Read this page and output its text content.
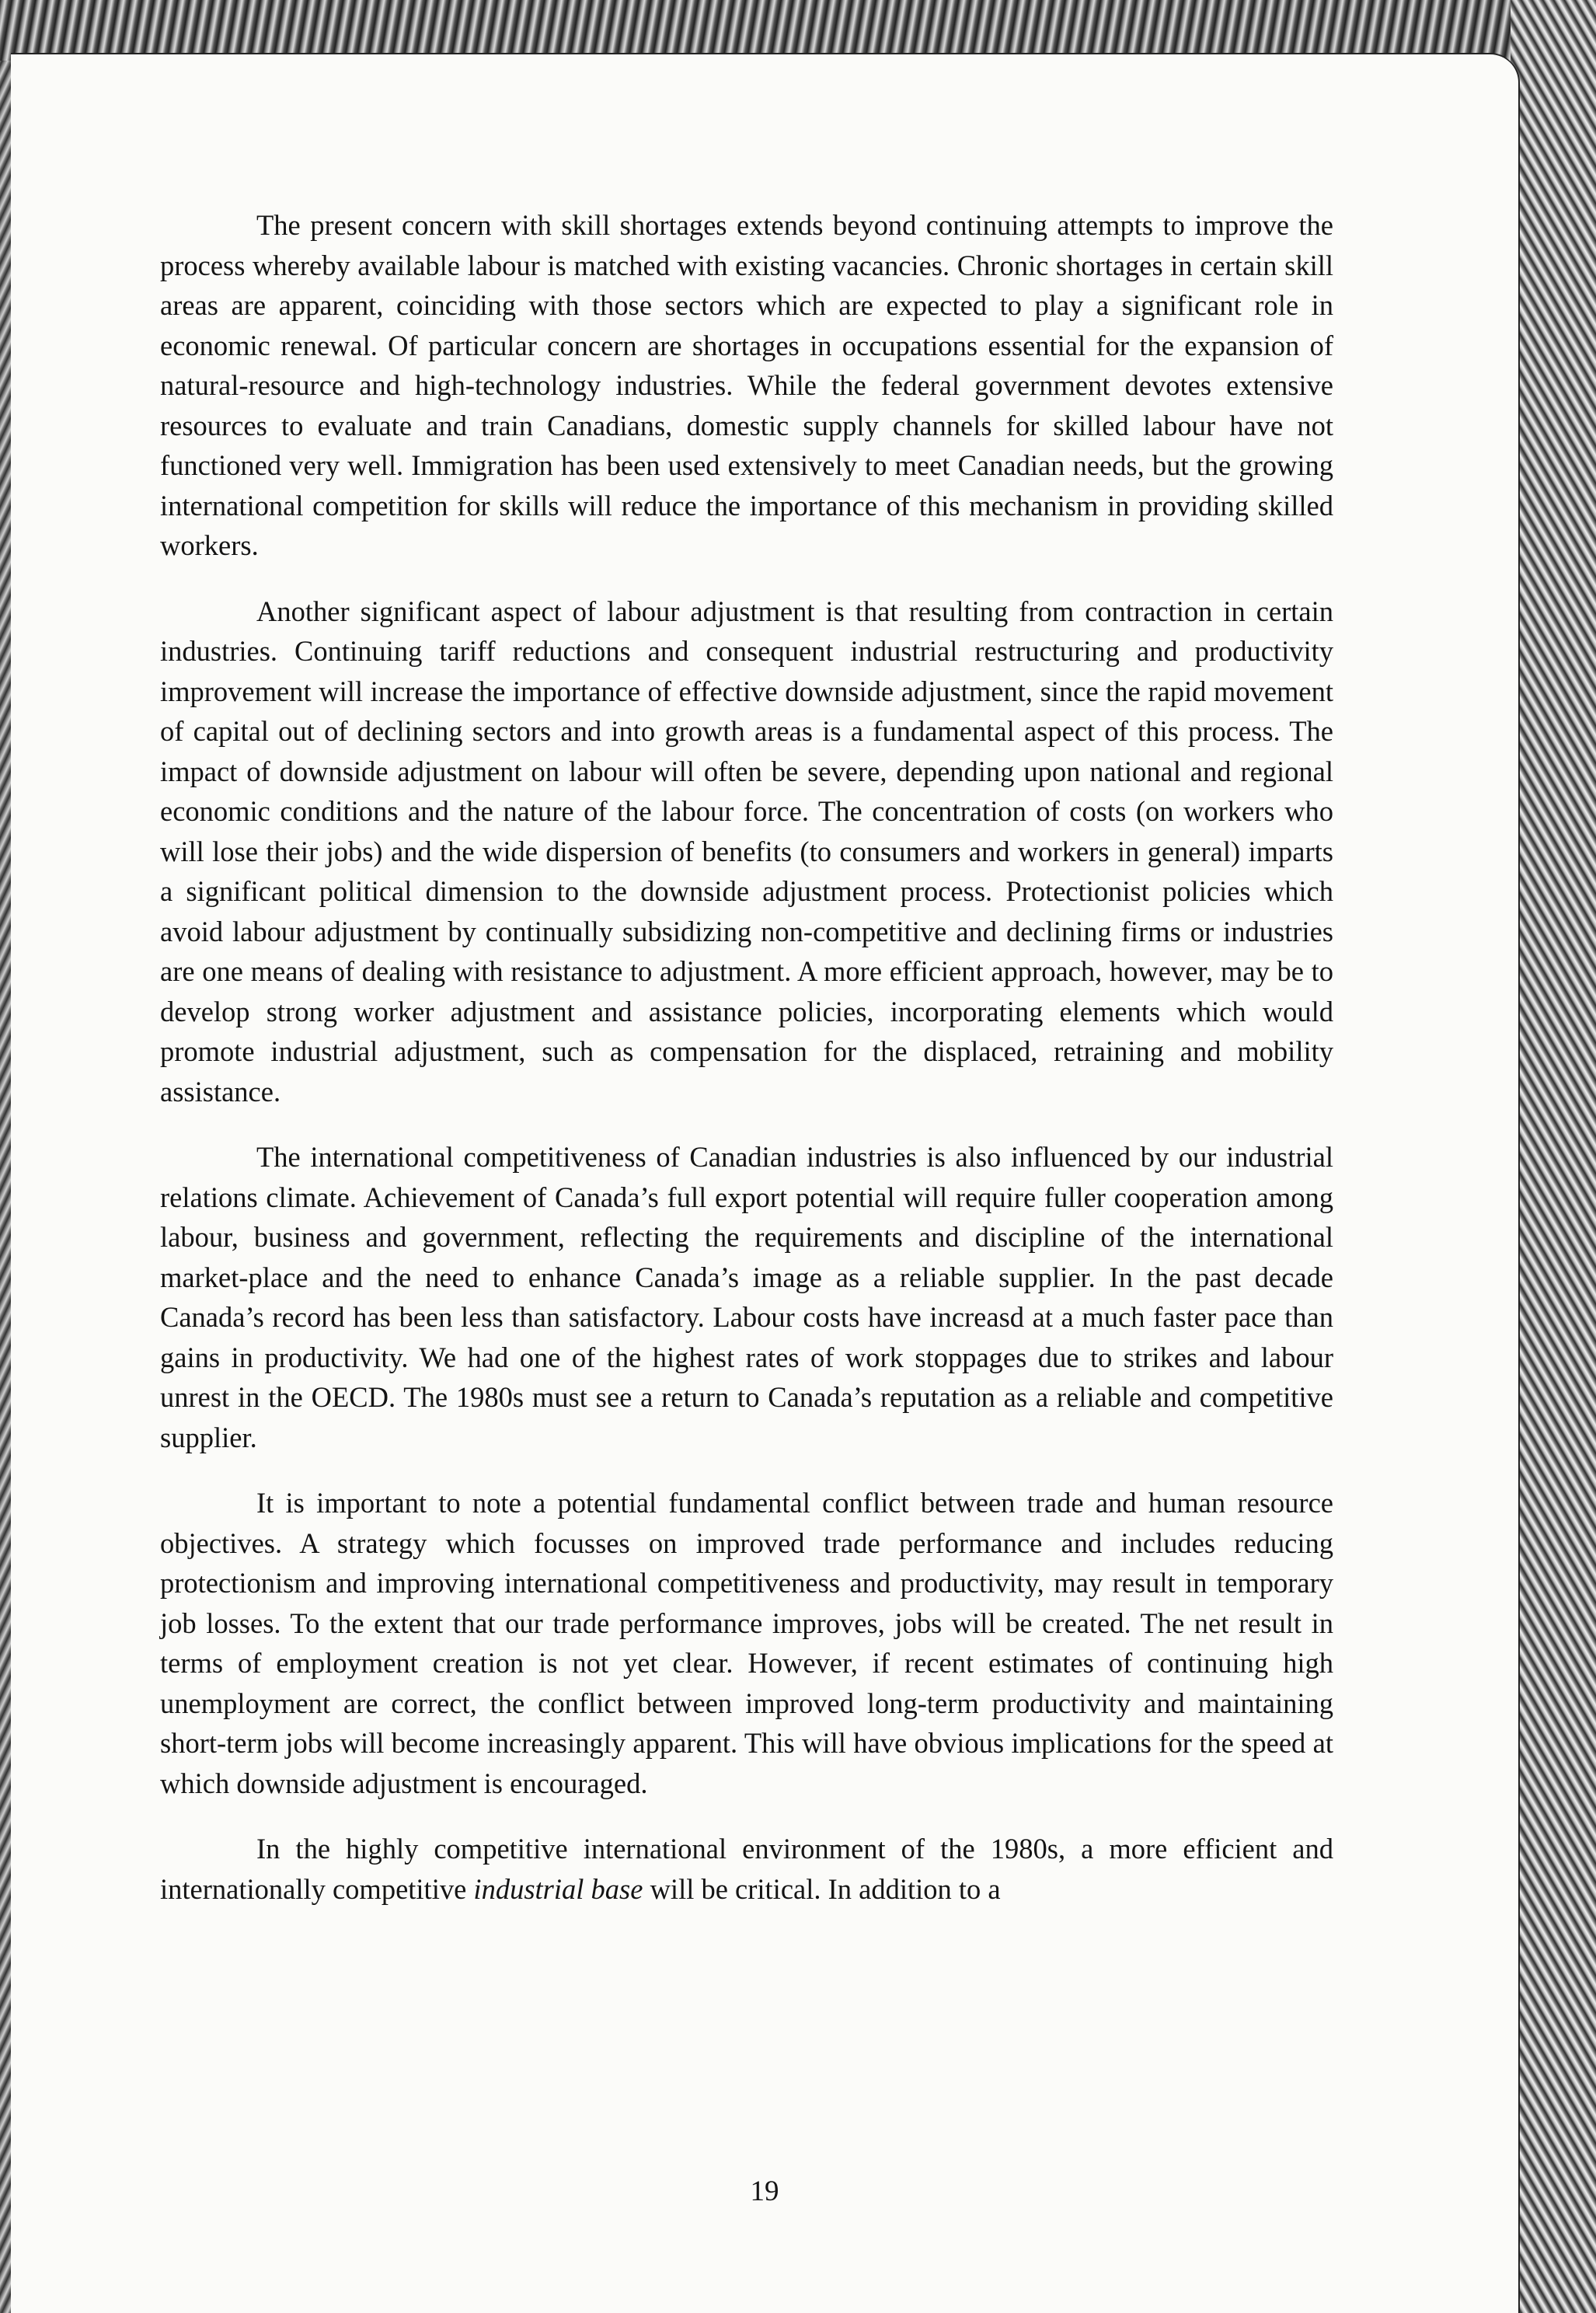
The present concern with skill shortages extends beyond continuing attempts to improve the process whereby available labour is matched with existing vacancies. Chronic shortages in certain skill areas are apparent, coinciding with those sectors which are expected to play a significant role in economic renewal. Of particular concern are shortages in occupations essential for the expansion of natural-resource and high-technology industries. While the federal government devotes extensive resources to evaluate and train Canadians, domestic supply channels for skilled labour have not functioned very well. Immigration has been used extensively to meet Canadian needs, but the growing international competition for skills will reduce the importance of this mechanism in providing skilled workers.

Another significant aspect of labour adjustment is that resulting from contraction in certain industries. Continuing tariff reductions and consequent industrial restructuring and productivity improvement will increase the importance of effective downside adjustment, since the rapid movement of capital out of declining sectors and into growth areas is a fundamental aspect of this process. The impact of downside adjustment on labour will often be severe, depending upon national and regional economic conditions and the nature of the labour force. The concentration of costs (on workers who will lose their jobs) and the wide dispersion of benefits (to consumers and workers in general) imparts a significant political dimension to the downside adjustment process. Protectionist policies which avoid labour adjustment by continually subsidizing non-competitive and declining firms or industries are one means of dealing with resistance to adjustment. A more efficient approach, however, may be to develop strong worker adjustment and assistance policies, incorporating elements which would promote industrial adjustment, such as compensation for the displaced, retraining and mobility assistance.

The international competitiveness of Canadian industries is also influenced by our industrial relations climate. Achievement of Canada’s full export potential will require fuller cooperation among labour, business and government, reflecting the requirements and discipline of the international market-place and the need to enhance Canada’s image as a reliable supplier. In the past decade Canada’s record has been less than satisfactory. Labour costs have increasd at a much faster pace than gains in productivity. We had one of the highest rates of work stoppages due to strikes and labour unrest in the OECD. The 1980s must see a return to Canada’s reputation as a reliable and competitive supplier.

It is important to note a potential fundamental conflict between trade and human resource objectives. A strategy which focusses on improved trade performance and includes reducing protectionism and improving international competitiveness and productivity, may result in temporary job losses. To the extent that our trade performance improves, jobs will be created. The net result in terms of employment creation is not yet clear. However, if recent estimates of continuing high unemployment are correct, the conflict between improved long-term productivity and maintaining short-term jobs will become increasingly apparent. This will have obvious implications for the speed at which downside adjustment is encouraged.

In the highly competitive international environment of the 1980s, a more efficient and internationally competitive industrial base will be critical. In addition to a

19
